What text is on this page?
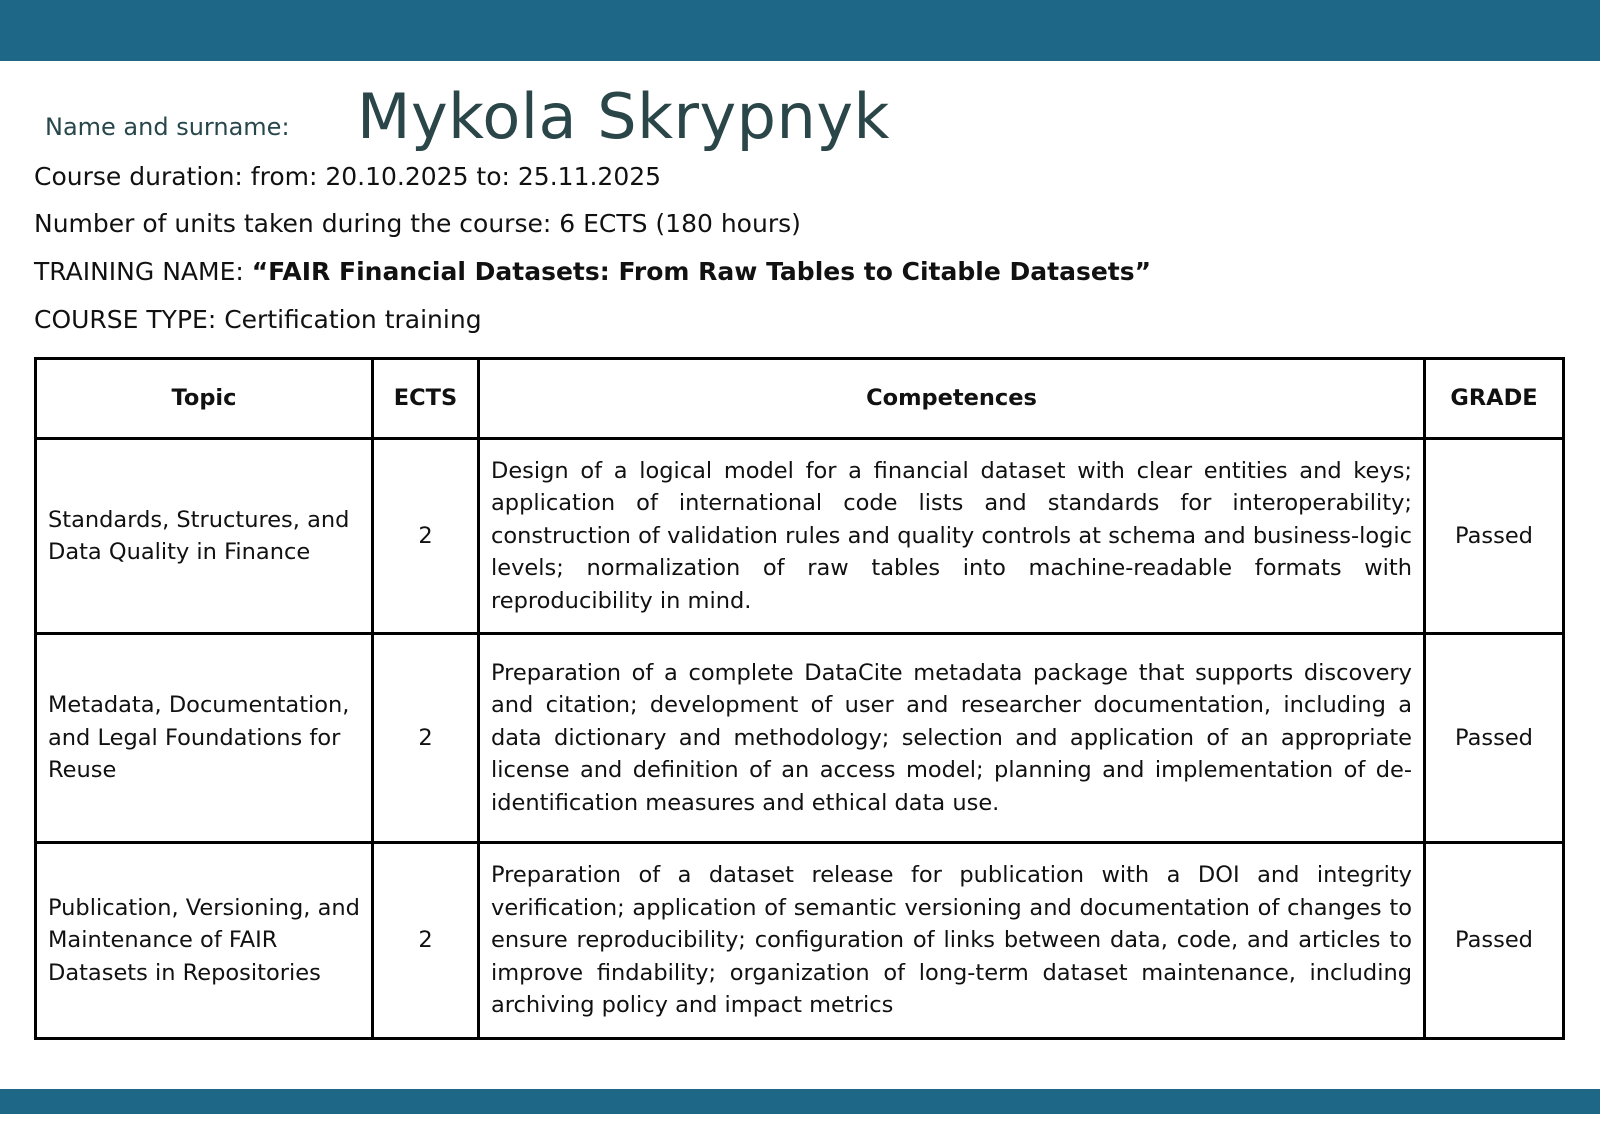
Name and surname: Mykola Skrypnyk
Course duration: from: 20.10.2025 to: 25.11.2025
Number of units taken during the course: 6 ECTS (180 hours)
TRAINING NAME: “FAIR Financial Datasets: From Raw Tables to Citable Datasets”
COURSE TYPE: Certification training
Topic	ECTS	Competences	GRADE
Standards, Structures, and Data Quality in Finance	2	Design of a logical model for a financial dataset with clear entities and keys; application of international code lists and standards for interoperability; construction of validation rules and quality controls at schema and business-logic levels; normalization of raw tables into machine-readable formats with reproducibility in mind.	Passed
Metadata, Documentation, and Legal Foundations for Reuse	2	Preparation of a complete DataCite metadata package that supports discovery and citation; development of user and researcher documentation, including a data dictionary and methodology; selection and application of an appropriate license and definition of an access model; planning and implementation of de-identification measures and ethical data use.	Passed
Publication, Versioning, and Maintenance of FAIR Datasets in Repositories	2	Preparation of a dataset release for publication with a DOI and integrity verification; application of semantic versioning and documentation of changes to ensure reproducibility; configuration of links between data, code, and articles to improve findability; organization of long-term dataset maintenance, including archiving policy and impact metrics	Passed
